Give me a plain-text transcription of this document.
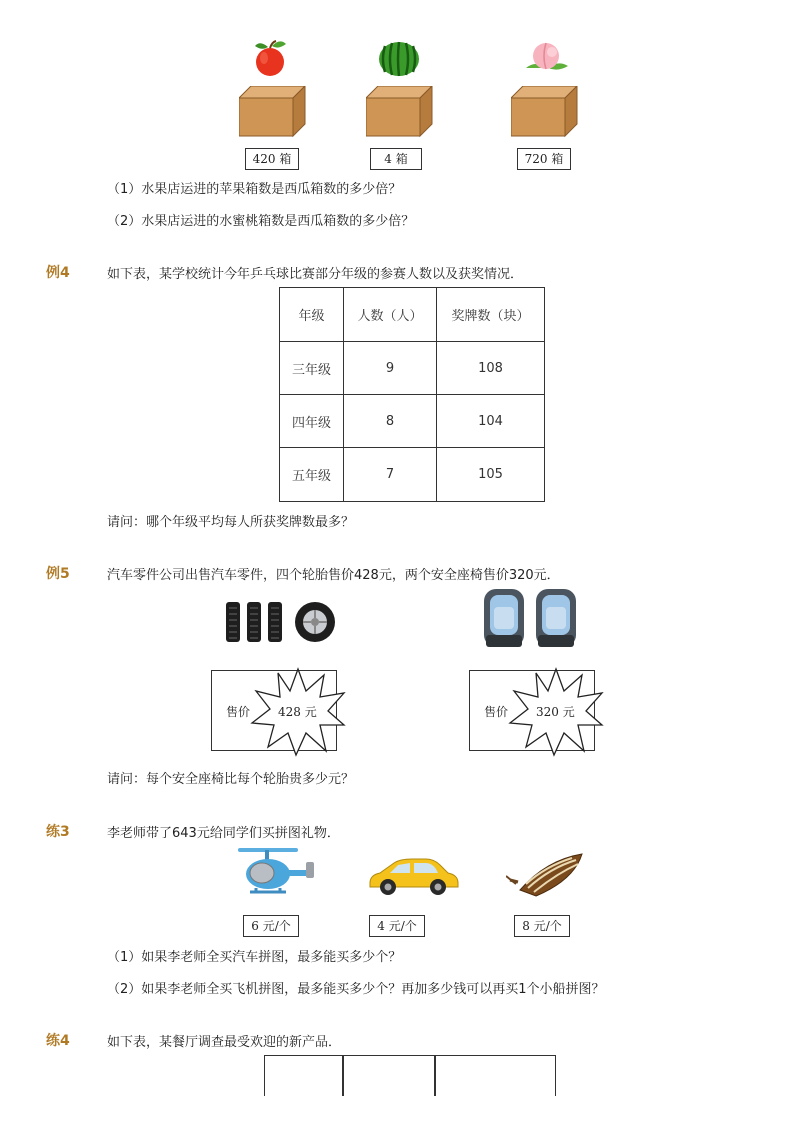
420 箱	4 箱	720 箱
（1）水果店运进的苹果箱数是西瓜箱数的多少倍？
（2）水果店运进的水蜜桃箱数是西瓜箱数的多少倍？
例4	如下表，某学校统计今年乒乓球比赛部分年级的参赛人数以及获奖情况．
年级	人数（人）	奖牌数（块）
三年级	9	108
四年级	8	104
五年级	7	105
请问：哪个年级平均每人所获奖牌数最多？
例5	汽车零件公司出售汽车零件，四个轮胎售价428元，两个安全座椅售价320元．
售价 428 元	售价 320 元
请问：每个安全座椅比每个轮胎贵多少元？
练3	李老师带了643元给同学们买拼图礼物．
6 元/个	4 元/个	8 元/个
（1）如果李老师全买汽车拼图，最多能买多少个？
（2）如果李老师全买飞机拼图，最多能买多少个？再加多少钱可以再买1个小船拼图？
练4	如下表，某餐厅调查最受欢迎的新产品．
